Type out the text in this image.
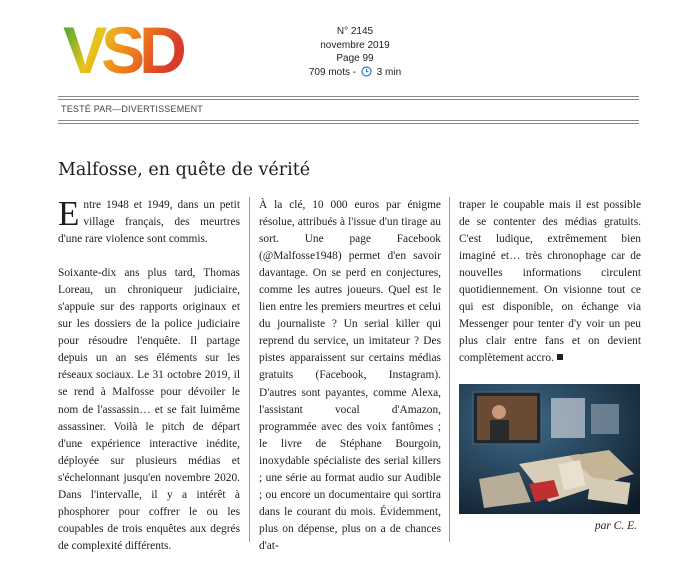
VSD	N° 2145
novembre 2019
Page 99
709 mots - 3 min
TESTÉ PAR—DIVERTISSEMENT
Malfosse, en quête de vérité

Entre 1948 et 1949, dans un petit village français, des meurtres d'une rare violence sont commis.

Soixante-dix ans plus tard, Thomas Loreau, un chroniqueur judiciaire, s'appuie sur des rapports originaux et sur les dossiers de la police judiciaire pour résoudre l'enquête. Il partage depuis un an ses éléments sur les réseaux sociaux. Le 31 octobre 2019, il se rend à Malfosse pour dévoiler le nom de l'assassin… et se fait luimême assassiner. Voilà le pitch de départ d'une expérience interactive inédite, déployée sur plusieurs médias et s'échelonnant jusqu'en novembre 2020. Dans l'intervalle, il y a intérêt à phosphorer pour coffrer le ou les coupables de trois enquêtes aux degrés de complexité différents.

À la clé, 10 000 euros par énigme résolue, attribués à l'issue d'un tirage au sort. Une page Facebook (@Malfosse1948) permet d'en savoir davantage. On se perd en conjectures, comme les autres joueurs. Quel est le lien entre les premiers meurtres et celui du journaliste ? Un serial killer qui reprend du service, un imitateur ? Des pistes apparaissent sur certains médias gratuits (Facebook, Instagram). D'autres sont payantes, comme Alexa, l'assistant vocal d'Amazon, programmée avec des voix fantômes ; le livre de Stéphane Bourgoin, inoxydable spécialiste des serial killers ; une série au format audio sur Audible ; ou encore un documentaire qui sortira dans le courant du mois. Évidemment, plus on dépense, plus on a de chances d'at-

traper le coupable mais il est possible de se contenter des médias gratuits. C'est ludique, extrêmement bien imaginé et… très chronophage car de nouvelles informations circulent quotidiennement. On visionne tout ce qui est disponible, on échange via Messenger pour tenter d'y voir un peu plus clair entre fans et on devient complètement accro.

par C. E.
